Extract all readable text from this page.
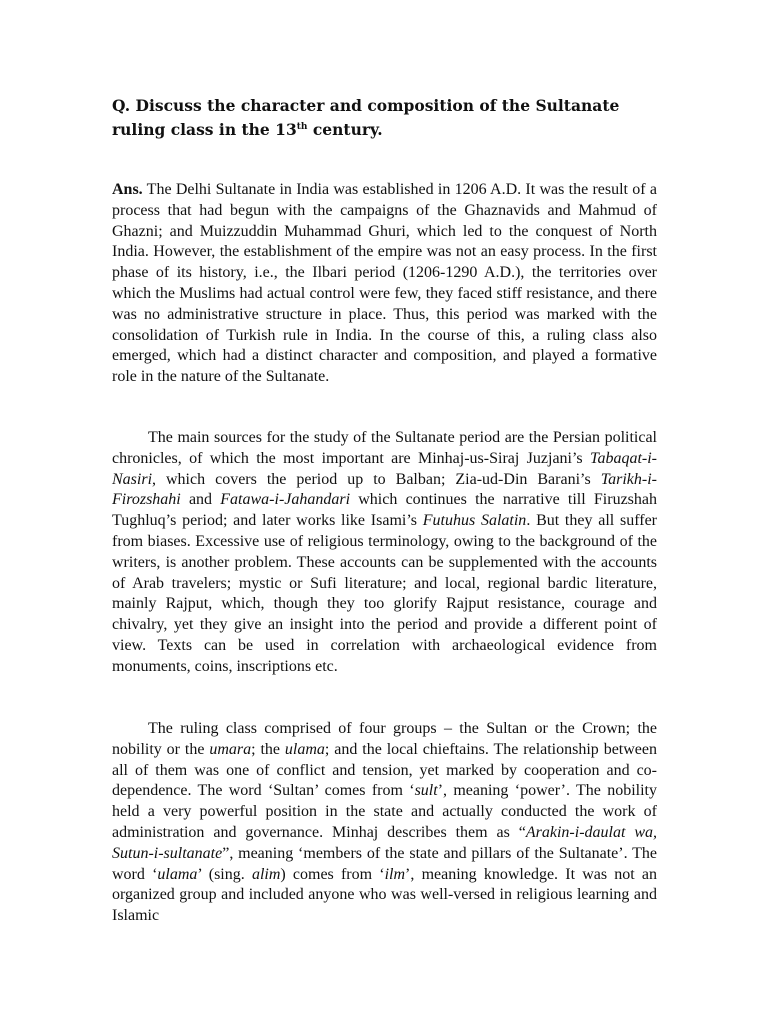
Q. Discuss the character and composition of the Sultanate ruling class in the 13th century.

Ans. The Delhi Sultanate in India was established in 1206 A.D. It was the result of a process that had begun with the campaigns of the Ghaznavids and Mahmud of Ghazni; and Muizzuddin Muhammad Ghuri, which led to the conquest of North India. However, the establishment of the empire was not an easy process. In the first phase of its history, i.e., the Ilbari period (1206-1290 A.D.), the territories over which the Muslims had actual control were few, they faced stiff resistance, and there was no administrative structure in place. Thus, this period was marked with the consolidation of Turkish rule in India. In the course of this, a ruling class also emerged, which had a distinct character and composition, and played a formative role in the nature of the Sultanate.

The main sources for the study of the Sultanate period are the Persian political chronicles, of which the most important are Minhaj-us-Siraj Juzjani’s Tabaqat-i-Nasiri, which covers the period up to Balban; Zia-ud-Din Barani’s Tarikh-i-Firozshahi and Fatawa-i-Jahandari which continues the narrative till Firuzshah Tughluq’s period; and later works like Isami’s Futuhus Salatin. But they all suffer from biases. Excessive use of religious terminology, owing to the background of the writers, is another problem. These accounts can be supplemented with the accounts of Arab travelers; mystic or Sufi literature; and local, regional bardic literature, mainly Rajput, which, though they too glorify Rajput resistance, courage and chivalry, yet they give an insight into the period and provide a different point of view. Texts can be used in correlation with archaeological evidence from monuments, coins, inscriptions etc.

The ruling class comprised of four groups – the Sultan or the Crown; the nobility or the umara; the ulama; and the local chieftains. The relationship between all of them was one of conflict and tension, yet marked by cooperation and co-dependence. The word ‘Sultan’ comes from ‘sult’, meaning ‘power’. The nobility held a very powerful position in the state and actually conducted the work of administration and governance. Minhaj describes them as “Arakin-i-daulat wa, Sutun-i-sultanate”, meaning ‘members of the state and pillars of the Sultanate’. The word ‘ulama’ (sing. alim) comes from ‘ilm’, meaning knowledge. It was not an organized group and included anyone who was well-versed in religious learning and Islamic
